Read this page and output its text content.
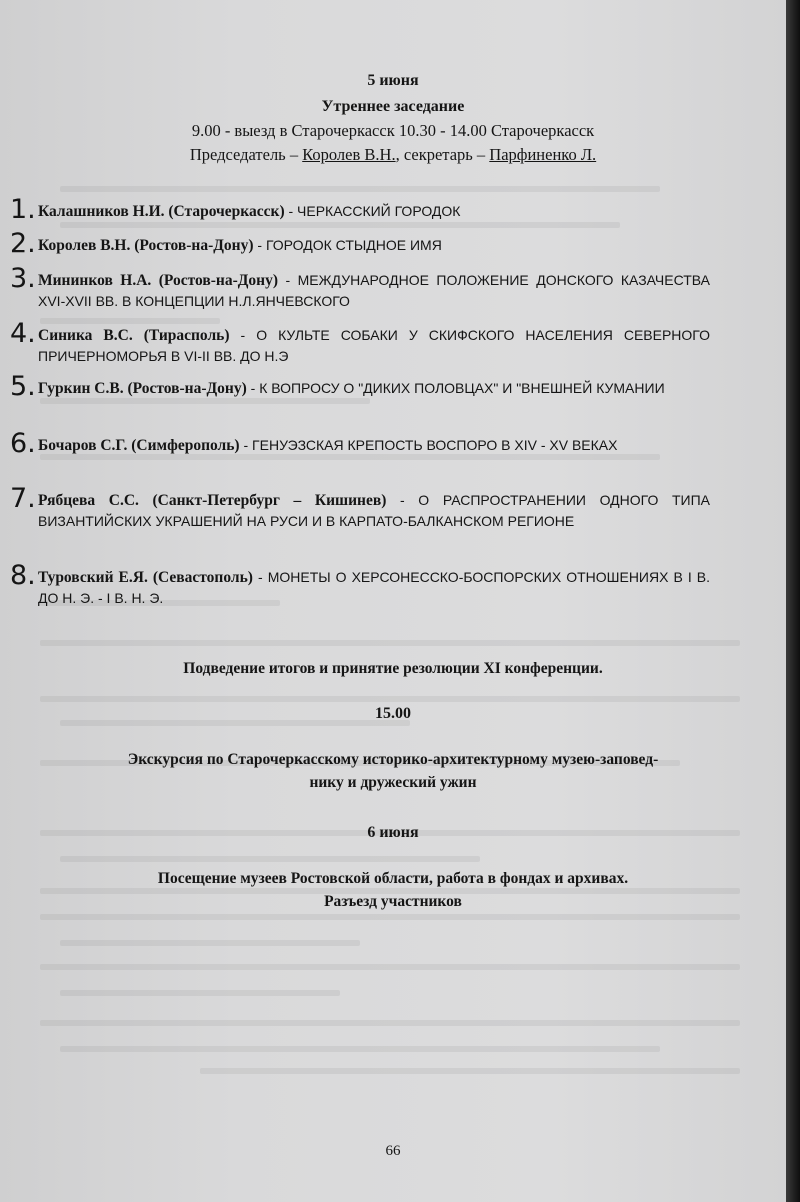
5 июня
Утреннее заседание
9.00 - выезд в Старочеркасск 10.30 - 14.00 Старочеркасск
Председатель – Королев В.Н., секретарь – Парфиненко Л.
1. Калашников Н.И. (Старочеркасск) - ЧЕРКАССКИЙ ГОРОДОК
2. Королев В.Н. (Ростов-на-Дону) - ГОРОДОК СТЫДНОЕ ИМЯ
3. Мининков Н.А. (Ростов-на-Дону) - МЕЖДУНАРОДНОЕ ПОЛОЖЕНИЕ ДОНСКОГО КАЗАЧЕСТВА XVI-XVII ВВ. В КОНЦЕПЦИИ Н.Л.ЯНЧЕВСКОГО
4. Синика В.С. (Тирасполь) - О КУЛЬТЕ СОБАКИ У СКИФСКОГО НАСЕЛЕНИЯ СЕВЕРНОГО ПРИЧЕРНОМОРЬЯ В VI-II ВВ. ДО Н.Э
5. Гуркин С.В. (Ростов-на-Дону) - К ВОПРОСУ О "ДИКИХ ПОЛОВЦАХ" И "ВНЕШНЕЙ КУМАНИИ
6. Бочаров С.Г. (Симферополь) - ГЕНУЭЗСКАЯ КРЕПОСТЬ ВОСПОРО В XIV - XV ВЕКАХ
7. Рябцева С.С. (Санкт-Петербург – Кишинев) - О РАСПРОСТРАНЕНИИ ОДНОГО ТИПА ВИЗАНТИЙСКИХ УКРАШЕНИЙ НА РУСИ И В КАРПАТО-БАЛКАНСКОМ РЕГИОНЕ
8. Туровский Е.Я. (Севастополь) - МОНЕТЫ О ХЕРСОНЕССКО-БОСПОРСКИХ ОТНОШЕНИЯХ В I В. ДО Н. Э. - I В. Н. Э.
Подведение итогов и принятие резолюции XI конференции.
15.00
Экскурсия по Старочеркасскому историко-архитектурному музею-заповед-
нику и дружеский ужин
6 июня
Посещение музеев Ростовской области, работа в фондах и архивах.
Разъезд участников
66
